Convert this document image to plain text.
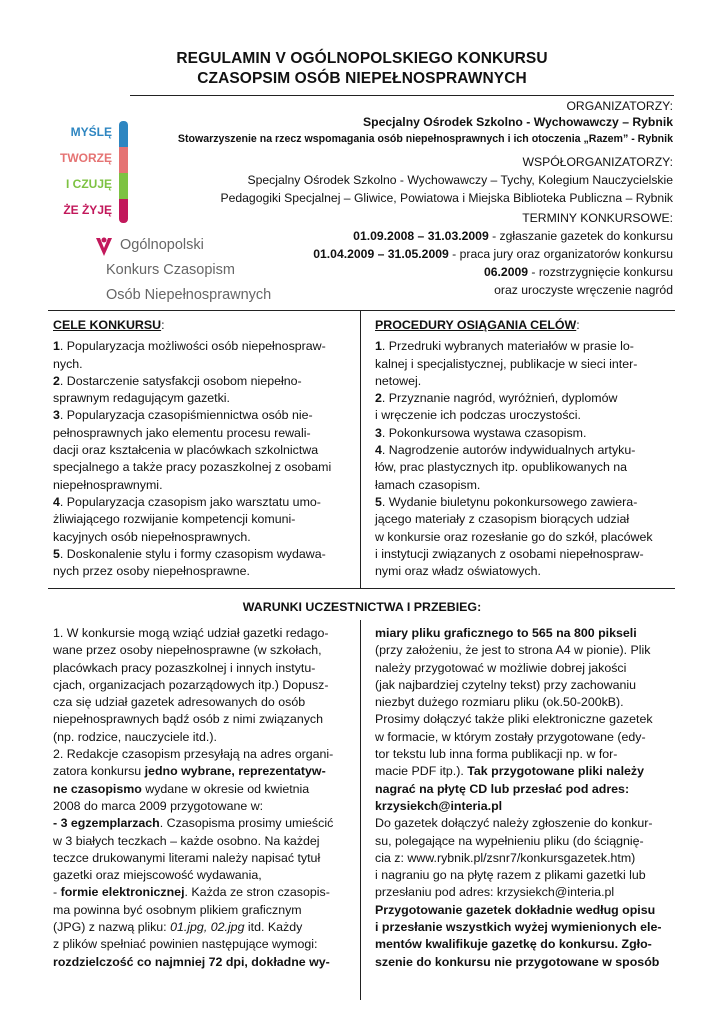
REGULAMIN V OGÓLNOPOLSKIEGO KONKURSU
CZASOPSIM OSÓB NIEPEŁNOSPRAWNYCH
MYŚLĘ
TWORZĘ
I CZUJĘ
ŻE ŻYJĘ
Ogólnopolski
Konkurs Czasopism
Osób Niepełnosprawnych
ORGANIZATORZY:
Specjalny Ośrodek Szkolno - Wychowawczy – Rybnik
Stowarzyszenie na rzecz wspomagania osób niepełnosprawnych i ich otoczenia „Razem” - Rybnik
WSPÓŁORGANIZATORZY:
Specjalny Ośrodek Szkolno - Wychowawczy – Tychy, Kolegium Nauczycielskie
Pedagogiki Specjalnej – Gliwice, Powiatowa i Miejska Biblioteka Publiczna – Rybnik
TERMINY KONKURSOWE:
01.09.2008 – 31.03.2009 - zgłaszanie gazetek do konkursu
01.04.2009 – 31.05.2009 - praca jury oraz organizatorów konkursu
06.2009 - rozstrzygnięcie konkursu
oraz uroczyste wręczenie nagród

CELE KONKURSU:

1. Popularyzacja możliwości osób niepełnospraw-
nych.

2. Dostarczenie satysfakcji osobom niepełno-
sprawnym redagującym gazetki.

3. Popularyzacja czasopiśmiennictwa osób nie-
pełnosprawnych jako elementu procesu rewali-
dacji oraz kształcenia w placówkach szkolnictwa
specjalnego a także pracy pozaszkolnej z osobami
niepełnosprawnymi.

4. Popularyzacja czasopism jako warsztatu umo-
żliwiającego rozwijanie kompetencji komuni-
kacyjnych osób niepełnosprawnych.

5. Doskonalenie stylu i formy czasopism wydawa-
nych przez osoby niepełnosprawne.

PROCEDURY OSIĄGANIA CELÓW:

1. Przedruki wybranych materiałów w prasie lo-
kalnej i specjalistycznej, publikacje w sieci inter-
netowej.

2. Przyznanie nagród, wyróżnień, dyplomów
i wręczenie ich podczas uroczystości.

3. Pokonkursowa wystawa czasopism.

4. Nagrodzenie autorów indywidualnych artyku-
łów, prac plastycznych itp. opublikowanych na
łamach czasopism.

5. Wydanie biuletynu pokonkursowego zawiera-
jącego materiały z czasopism biorących udział
w konkursie oraz rozesłanie go do szkół, placówek
i instytucji związanych z osobami niepełnospraw-
nymi oraz władz oświatowych.

WARUNKI UCZESTNICTWA I PRZEBIEG:

1. W konkursie mogą wziąć udział gazetki redago-
wane przez osoby niepełnosprawne (w szkołach,
placówkach pracy pozaszkolnej i innych instytu-
cjach, organizacjach pozarządowych itp.) Dopusz-
cza się udział gazetek adresowanych do osób
niepełnosprawnych bądź osób z nimi związanych
(np. rodzice, nauczyciele itd.).

2. Redakcje czasopism przesyłają na adres organi-
zatora konkursu jedno wybrane, reprezentatyw-
ne czasopismo wydane w okresie od kwietnia
2008 do marca 2009 przygotowane w:

- 3 egzemplarzach. Czasopisma prosimy umieścić
w 3 białych teczkach – każde osobno. Na każdej
teczce drukowanymi literami należy napisać tytuł
gazetki oraz miejscowość wydawania,

- formie elektronicznej. Każda ze stron czasopis-
ma powinna być osobnym plikiem graficznym
(JPG) z nazwą pliku: 01.jpg, 02.jpg itd. Każdy
z plików spełniać powinien następujące wymogi:
rozdzielczość co najmniej 72 dpi, dokładne wy-

miary pliku graficznego to 565 na 800 pikseli
(przy założeniu, że jest to strona A4 w pionie). Plik
należy przygotować w możliwie dobrej jakości
(jak najbardziej czytelny tekst) przy zachowaniu
niezbyt dużego rozmiaru pliku (ok.50-200kB).
Prosimy dołączyć także pliki elektroniczne gazetek
w formacie, w którym zostały przygotowane (edy-
tor tekstu lub inna forma publikacji np. w for-
macie PDF itp.). Tak przygotowane pliki należy
nagrać na płytę CD lub przesłać pod adres:
krzysiekch@interia.pl

Do gazetek dołączyć należy zgłoszenie do konkur-
su, polegające na wypełnieniu pliku (do ściągnię-
cia z: www.rybnik.pl/zsnr7/konkursgazetek.htm)
i nagraniu go na płytę razem z plikami gazetki lub
przesłaniu pod adres: krzysiekch@interia.pl

Przygotowanie gazetek dokładnie według opisu
i przesłanie wszystkich wyżej wymienionych ele-
mentów kwalifikuje gazetkę do konkursu. Zgło-
szenie do konkursu nie przygotowane w sposób
